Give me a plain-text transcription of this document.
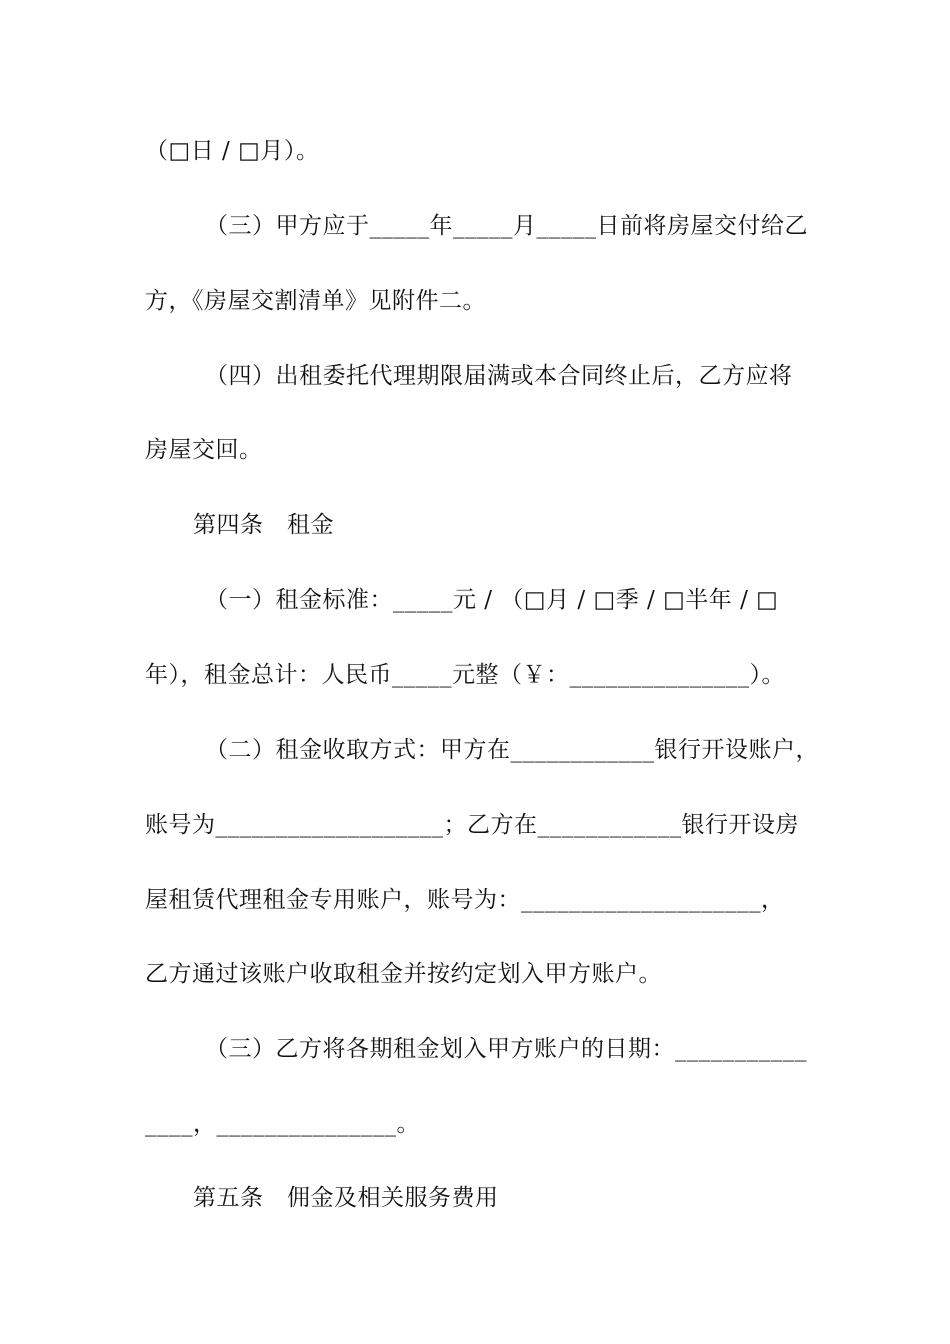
（□日 / □月）。

（三）甲方应于_____年_____月_____日前将房屋交付给乙

方，《房屋交割清单》见附件二。

（四）出租委托代理期限届满或本合同终止后，乙方应将

房屋交回。

第四条　租金

（一）租金标准：_____元 / （□月 / □季 / □半年 / □

年），租金总计：人民币_____元整（￥：_______________）。

（二）租金收取方式：甲方在____________银行开设账户，

账号为___________________；乙方在____________银行开设房

屋租赁代理租金专用账户，账号为：____________________，

乙方通过该账户收取租金并按约定划入甲方账户。

（三）乙方将各期租金划入甲方账户的日期：___________

____，_______________。

第五条　佣金及相关服务费用
